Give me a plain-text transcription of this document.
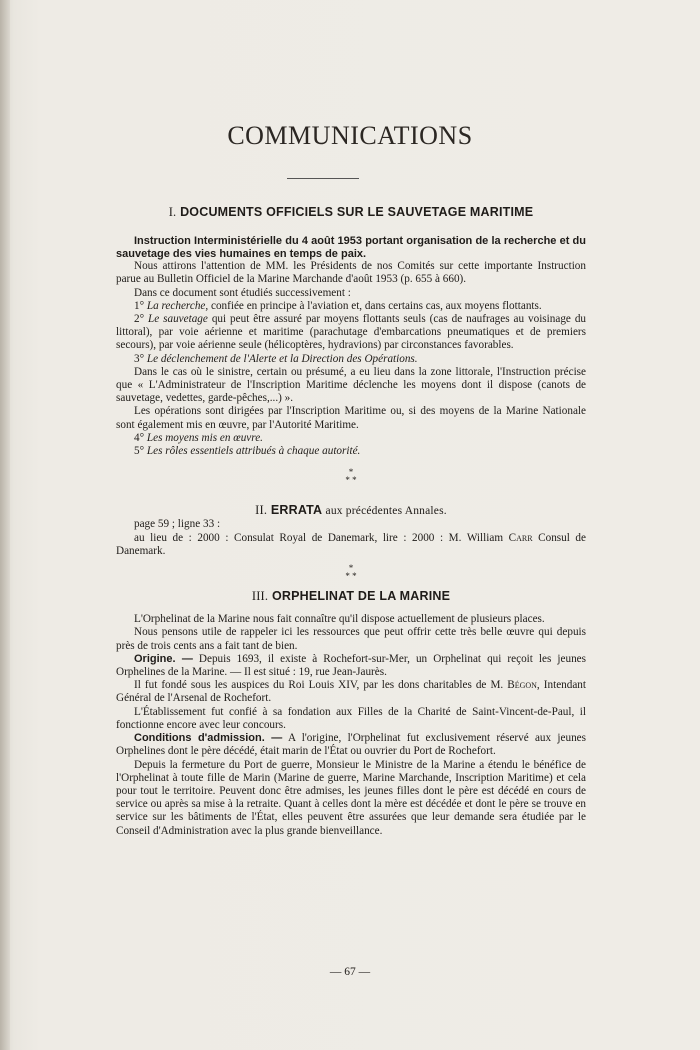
COMMUNICATIONS
I. DOCUMENTS OFFICIELS SUR LE SAUVETAGE MARITIME

Instruction Interministérielle du 4 août 1953 portant organisation de la recherche et du sauvetage des vies humaines en temps de paix.

Nous attirons l'attention de MM. les Présidents de nos Comités sur cette importante Instruction parue au Bulletin Officiel de la Marine Marchande d'août 1953 (p. 655 à 660).

Dans ce document sont étudiés successivement :

1° La recherche, confiée en principe à l'aviation et, dans certains cas, aux moyens flottants.

2° Le sauvetage qui peut être assuré par moyens flottants seuls (cas de naufrages au voisinage du littoral), par voie aérienne et maritime (parachutage d'embarcations pneumatiques et de premiers secours), par voie aérienne seule (hélicoptères, hydravions) par circonstances favorables.

3° Le déclenchement de l'Alerte et la Direction des Opérations.

Dans le cas où le sinistre, certain ou présumé, a eu lieu dans la zone littorale, l'Instruction précise que « L'Administrateur de l'Inscription Maritime déclenche les moyens dont il dispose (canots de sauvetage, vedettes, garde-pêches,...) ».

Les opérations sont dirigées par l'Inscription Maritime ou, si des moyens de la Marine Nationale sont également mis en œuvre, par l'Autorité Maritime.

4° Les moyens mis en œuvre.

5° Les rôles essentiels attribués à chaque autorité.

*
* *
II. ERRATA aux précédentes Annales.

page 59 ; ligne 33 :

au lieu de : 2000 : Consulat Royal de Danemark, lire : 2000 : M. William Carr Consul de Danemark.

*
* *
III. ORPHELINAT DE LA MARINE

L'Orphelinat de la Marine nous fait connaître qu'il dispose actuellement de plusieurs places.

Nous pensons utile de rappeler ici les ressources que peut offrir cette très belle œuvre qui depuis près de trois cents ans a fait tant de bien.

Origine. — Depuis 1693, il existe à Rochefort-sur-Mer, un Orphelinat qui reçoit les jeunes Orphelines de la Marine. — Il est situé : 19, rue Jean-Jaurès.

Il fut fondé sous les auspices du Roi Louis XIV, par les dons charitables de M. Bégon, Intendant Général de l'Arsenal de Rochefort.

L'Établissement fut confié à sa fondation aux Filles de la Charité de Saint-Vincent-de-Paul, il fonctionne encore avec leur concours.

Conditions d'admission. — A l'origine, l'Orphelinat fut exclusivement réservé aux jeunes Orphelines dont le père décédé, était marin de l'État ou ouvrier du Port de Rochefort.

Depuis la fermeture du Port de guerre, Monsieur le Ministre de la Marine a étendu le bénéfice de l'Orphelinat à toute fille de Marin (Marine de guerre, Marine Marchande, Inscription Maritime) et cela pour tout le territoire. Peuvent donc être admises, les jeunes filles dont le père est décédé en cours de service ou après sa mise à la retraite. Quant à celles dont la mère est décédée et dont le père se trouve en service sur les bâtiments de l'État, elles peuvent être assurées que leur demande sera étudiée par le Conseil d'Administration avec la plus grande bienveillance.

— 67 —
